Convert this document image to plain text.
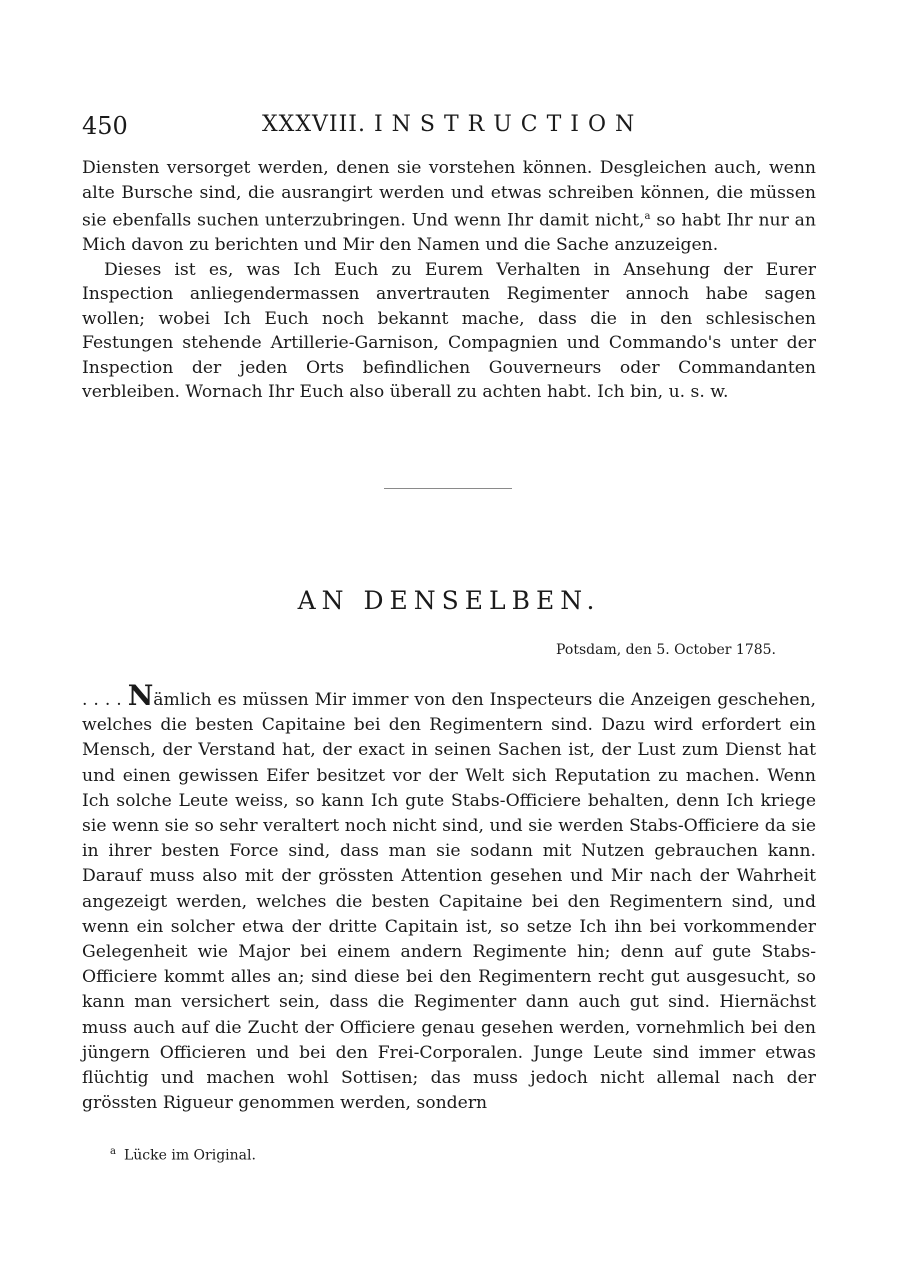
450	XXXVIII. INSTRUCTION

Diensten versorget werden, denen sie vorstehen können. Desgleichen auch, wenn alte Bursche sind, die ausrangirt werden und etwas schreiben können, die müssen sie ebenfalls suchen unterzubringen. Und wenn Ihr damit nicht,$^a$ so habt Ihr nur an Mich davon zu berichten und Mir den Namen und die Sache anzuzeigen.

Dieses ist es, was Ich Euch zu Eurem Verhalten in Ansehung der Eurer Inspection anliegendermassen anvertrauten Regimenter annoch habe sagen wollen; wobei Ich Euch noch bekannt mache, dass die in den schlesischen Festungen stehende Artillerie-Garnison, Compagnien und Commando's unter der Inspection der jeden Orts befindlichen Gouverneurs oder Commandanten verbleiben. Wornach Ihr Euch also überall zu achten habt. Ich bin, u. s. w.

AN DENSELBEN.
Potsdam, den 5. October 1785.

. . . . Nämlich es müssen Mir immer von den Inspecteurs die Anzeigen geschehen, welches die besten Capitaine bei den Regimentern sind. Dazu wird erfordert ein Mensch, der Verstand hat, der exact in seinen Sachen ist, der Lust zum Dienst hat und einen gewissen Eifer besitzet vor der Welt sich Reputation zu machen. Wenn Ich solche Leute weiss, so kann Ich gute Stabs-Officiere behalten, denn Ich kriege sie wenn sie so sehr veraltert noch nicht sind, und sie werden Stabs-Officiere da sie in ihrer besten Force sind, dass man sie sodann mit Nutzen gebrauchen kann. Darauf muss also mit der grössten Attention gesehen und Mir nach der Wahrheit angezeigt werden, welches die besten Capitaine bei den Regimentern sind, und wenn ein solcher etwa der dritte Capitain ist, so setze Ich ihn bei vorkommender Gelegenheit wie Major bei einem andern Regimente hin; denn auf gute Stabs-Officiere kommt alles an; sind diese bei den Regimentern recht gut ausgesucht, so kann man versichert sein, dass die Regimenter dann auch gut sind. Hiernächst muss auch auf die Zucht der Officiere genau gesehen werden, vornehmlich bei den jüngern Officieren und bei den Frei-Corporalen. Junge Leute sind immer etwas flüchtig und machen wohl Sottisen; das muss jedoch nicht allemal nach der grössten Rigueur genommen werden, sondern

$^a$ Lücke im Original.
